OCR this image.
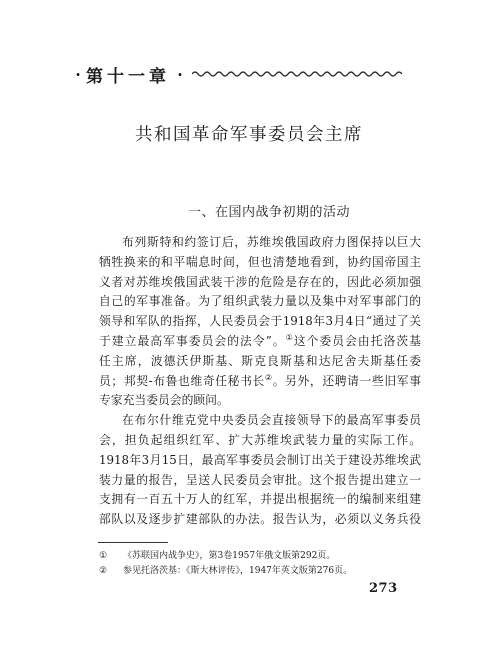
· 第十一章 ·
共和国革命军事委员会主席
一、在国内战争初期的活动
布列斯特和约签订后，苏维埃俄国政府力图保持以巨大
牺牲换来的和平喘息时间，但也清楚地看到，协约国帝国主
义者对苏维埃俄国武装干涉的危险是存在的，因此必须加强
自己的军事准备。为了组织武装力量以及集中对军事部门的
领导和军队的指挥，人民委员会于1918年3月4日“通过了关
于建立最高军事委员会的法令”。①这个委员会由托洛茨基
任主席，波德沃伊斯基、斯克良斯基和达尼舍夫斯基任委
员；邦契-布鲁也维奇任秘书长②。另外，还聘请一些旧军事
专家充当委员会的顾问。
在布尔什维克党中央委员会直接领导下的最高军事委员
会，担负起组织红军、扩大苏维埃武装力量的实际工作。
1918年3月15日，最高军事委员会制订出关于建设苏维埃武
装力量的报告，呈送人民委员会审批。这个报告提出建立一
支拥有一百五十万人的红军，并提出根据统一的编制来组建
部队以及逐步扩建部队的办法。报告认为，必须以义务兵役
①	《苏联国内战争史》，第3卷1957年俄文版第292页。
②	参见托洛茨基：《斯大林评传》，1947年英文版第276页。
273
